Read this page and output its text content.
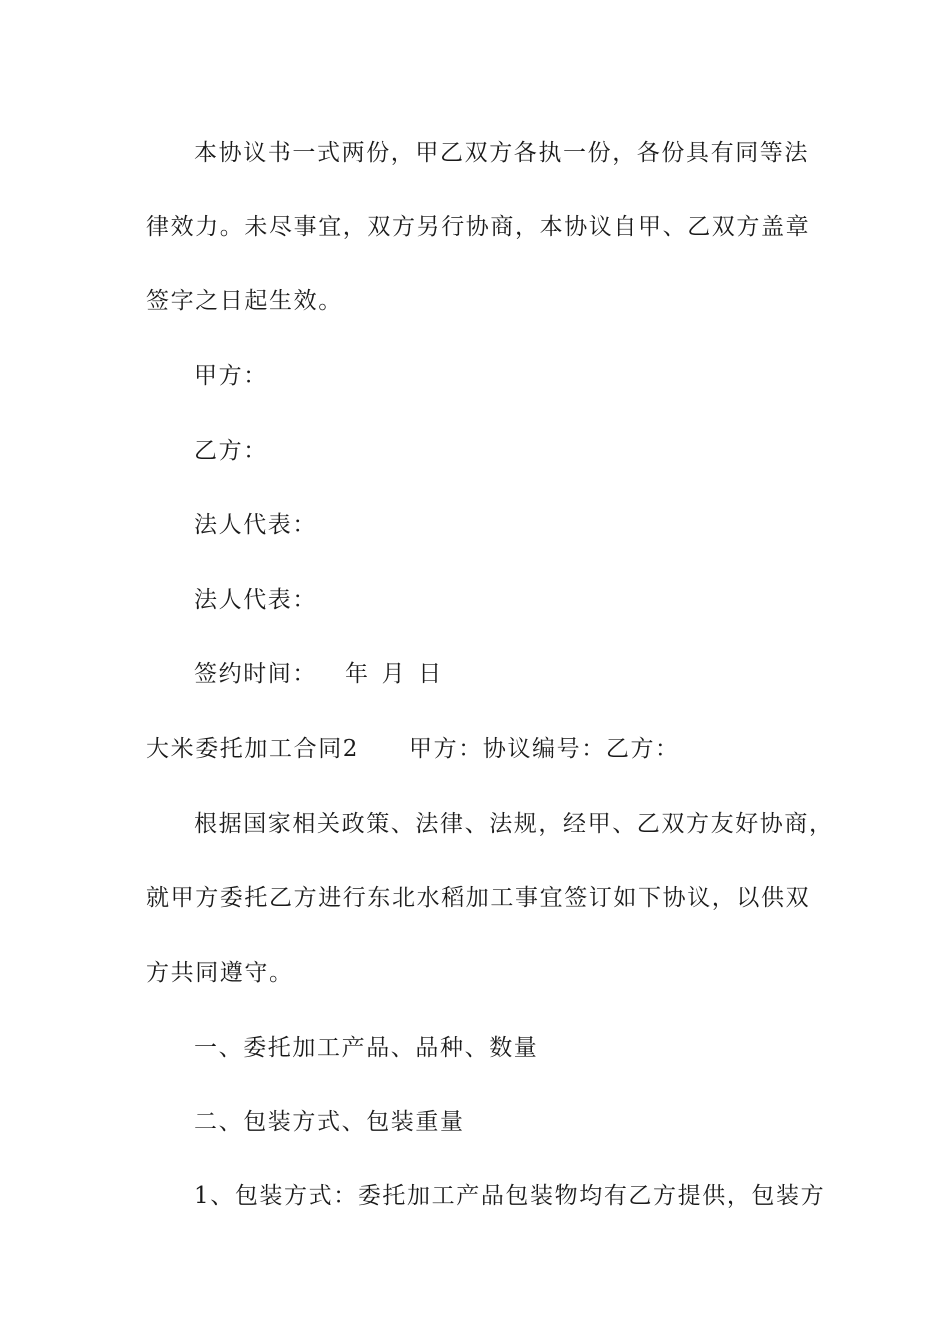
本协议书一式两份，甲乙双方各执一份，各份具有同等法
律效力。未尽事宜，双方另行协商，本协议自甲、乙双方盖章
签字之日起生效。
甲方：
乙方：
法人代表：
法人代表：
签约时间： 年 月 日
大米委托加工合同2 甲方：协议编号：乙方：
根据国家相关政策、法律、法规，经甲、乙双方友好协商，
就甲方委托乙方进行东北水稻加工事宜签订如下协议，以供双
方共同遵守。
一、委托加工产品、品种、数量
二、包装方式、包装重量
1、包装方式：委托加工产品包装物均有乙方提供，包装方
